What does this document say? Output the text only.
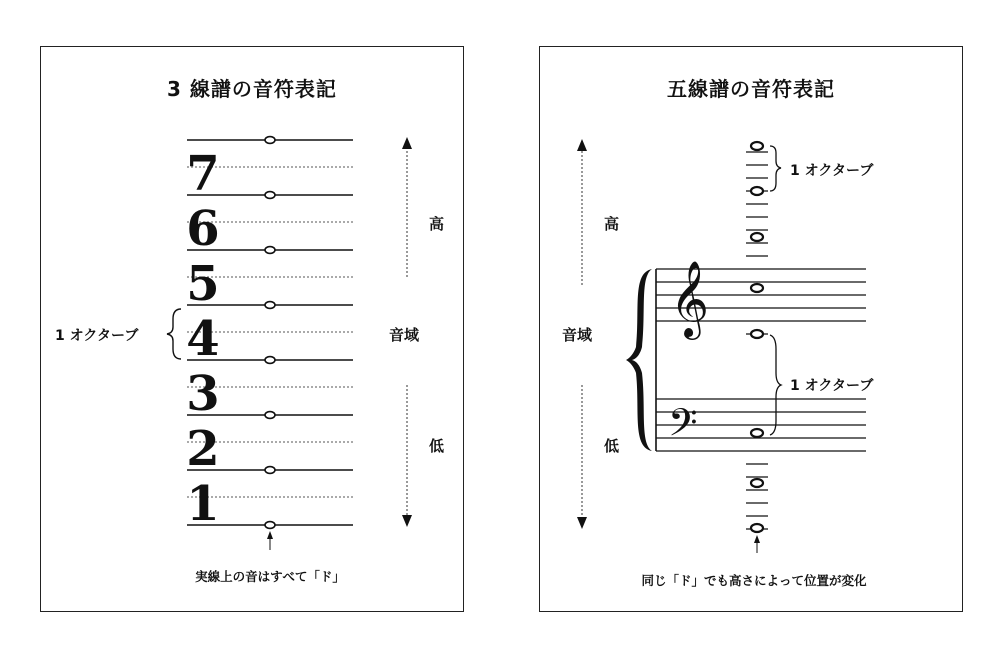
3 線譜の音符表記
7
6
5
4
3
2
1
1 オクターブ
高
音域
低
実線上の音はすべて「ド」
五線譜の音符表記
𝄞
𝄢
1 オクターブ
1 オクターブ
高
音域
低
同じ「ド」でも高さによって位置が変化
